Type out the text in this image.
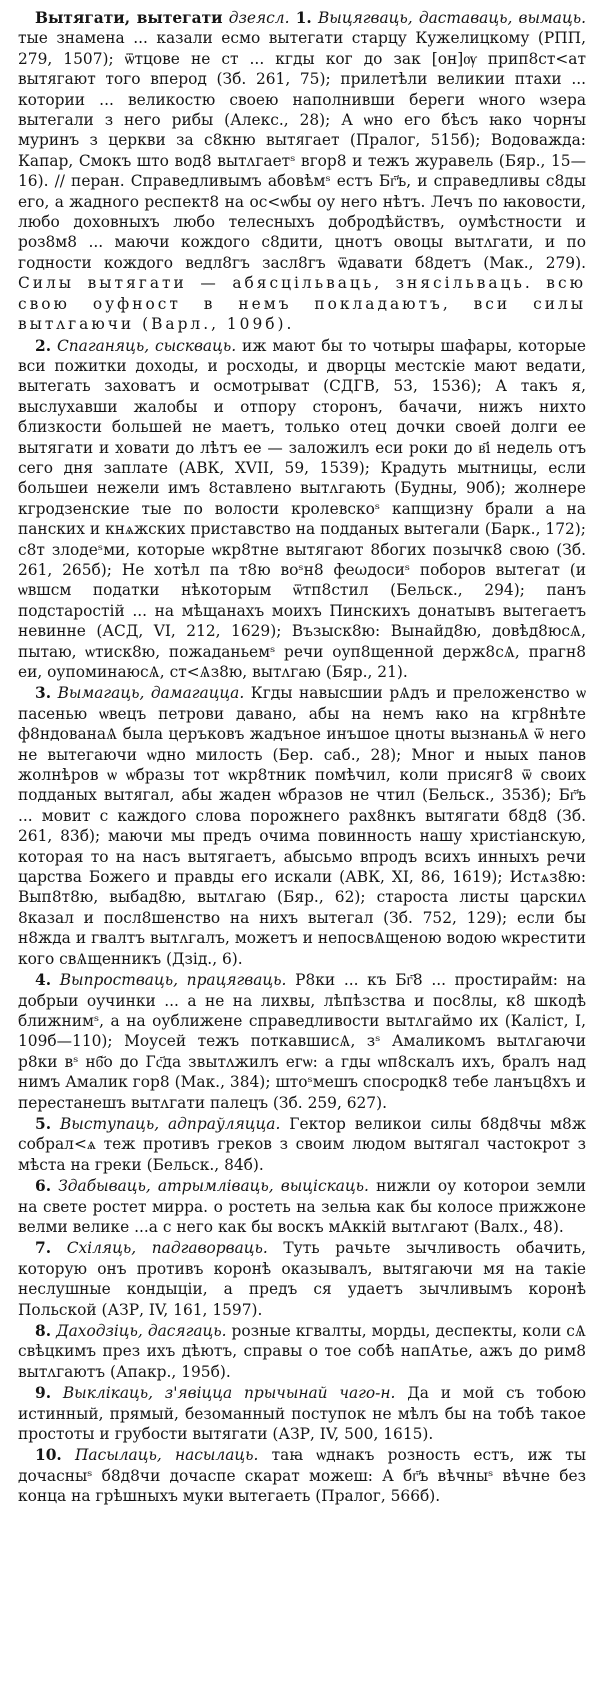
Вытягати, вытегати дзеясл. 1. Выцягваць, даставаць, вымаць. тые знамена ... казали есмо вытегати старцу Кужелицкому (РПП, 279, 1507); ѿтцове не ст ... кгды ког до зак [он]ѹ прип8ст<ат вытᴙгают того вперод (Зб. 261, 75); прилетѣли великии птахи ... котории ... великостю своею наполнивши береги ѡного ѡзера вытегали з него рибы (Алекс., 28); А ѡно его бѣсъ ꙗко чорнꙑ муринъ з церкви за с8кню вытᴙгает (Пралог, 515б); Водоважда: Капар, Смокъ што вод8 вытᴧгаетˢ вгор8 и тежъ журавель (Бяр., 15—16). // перан. Справедливымъ абовѣмˢ естъ Бг҃ъ, и справедливы с8ды его, а жадного респект8 на ос<ѡбы оу него нѣтъ. Лечъ по ꙗковости, любо доховныхъ любо телесныхъ добродѣйствъ, оумѣстности и роз8м8 ... маючи кождого с8дити, цнотъ овоцы вытᴧгати, и по годности кождого ведл8гъ засл8гъ ѿдавати б8детъ (Мак., 279). Силы вытягати — абясцільваць, знясільваць. всю свою оуфност в немъ покладаютъ, вси силы вытᴧгаючи (Варл., 109б).

2. Спаганяць, сыскваць. иж мают бы то чотыры шафары, которые вси пожитки доходы, и росходы, и дворцы местскіе мают ведати, вытегать заховатъ и осмотрыват (СДГВ, 53, 1536); А такъ я, выслухавши жалобы и отпору сторонъ, бачачи, нижъ нихто близкости большей не маетъ, только отец дочки своей долги ее вытягати и ховати до лѣтъ ее — заложилъ еси роки до в҃і недель отъ сего дня заплате (АВК, XVII, 59, 1539); Крадуть мытницы, если большеи нежели имъ 8ставлено вытᴧгають (Будны, 90б); жолнере кгродзенские тые по волости кролевскоˢ капщизну брали а на панских и кнѧжских приставство на подданых вытегали (Барк., 172); с8т злодеˢми, которые ѡкр8тне вытᴙгают 8богих позычк8 свою (Зб. 261, 265б); Не хотѣл па т8ю воˢн8 феωдосиˢ поборов вытегат (и ѡвшсм податки нѣкоторым ѿтп8стил (Бельск., 294); панъ подстаростій ... на мѣщанахъ моихъ Пинскихъ донатывъ вытегаетъ невинне (АСД, VI, 212, 1629); Възыск8ю: Вынайд8ю, довѣд8юсѦ, пытаю, ѡтиск8ю, пожаданьемˢ речи оуп8щенной держ8сѦ, прагн8 еи, оупоминаюсѦ, ст<Ѧз8ю, вытᴧгаю (Бяр., 21).

3. Вымагаць, дамагацца. Кгды навысшии рѦдъ и преложенство ѡ пасенью ѡвецъ петрови давано, абы на немъ ꙗко на кгр8нѣте ф8ндованаѦ была церъковъ жадъное инъшое цноты вызнаньѦ ѿ него не вытегаючи ѡдно милость (Бер. саб., 28); Мног и ныых панов жолнѣров ѡ ѡбразы тот ѡкр8тник помѣчил, коли присᴙг8 ѿ своих подданых вытᴙгал, абы жаден ѡбразов не чтил (Бельск., 353б); Бг҃ъ ... мовит с каждого слова порожнего рах8нкъ вытᴙгати б8д8 (Зб. 261, 83б); маючи мы предъ очима повинность нашу христіанскую, которая то на насъ вытягаетъ, абысьмо впродъ всихъ инныхъ речи царства Божего и правды его искали (АВК, XI, 86, 1619); Истѧз8ю: Вып8т8ю, выбад8ю, вытᴧгаю (Бяр., 62); староста листы царскиᴧ 8казал и посл8шенство на нихъ вытегал (Зб. 752, 129); если бы н8жда и гвалтъ вытᴧгалъ, можетъ и непосвѦщеною водою ѡкрестити кого свѦщенникъ (Дзід., 6).

4. Выпростваць, працягваць. Р8ки ... къ Бг҃8 ... простирайм: на добрыи оучинки ... а не на лихвы, лѣпѣзства и пос8лы, к8 шкодѣ ближнимˢ, а на оуближене справедливости вытᴧгаймо их (Каліст, I, 109б—110); Моусей тежъ поткавшисѦ, зˢ Амаликомъ вытᴧгаючи р8ки вˢ нб҃о до Гс҃да звытᴧжилъ егѡ: а гды ѡп8скалъ ихъ, бралъ над нимъ Амалик гор8 (Мак., 384); штоˢмешъ спосродк8 тебе ланъц8хъ и перестанешъ вытᴧгати палецъ (Зб. 259, 627).

5. Выступаць, адпраўляцца. Гектор великои силы б8д8чы м8ж собрал<ѧ теж противъ греков з своим людом вытᴙгал частокрот з мѣста на греки (Бельск., 84б).

6. Здабываць, атрымліваць, выціскаць. нижли оу которои земли на свете ростет мирра. о ростеть на зельꙗ как бы колосе прижжоне велми велике ...а с него как бы воскъ мАккій вытᴧгают (Валх., 48).

7. Схіляць, падгаворваць. Туть рачьте зычливость обачить, которую онъ противъ коронѣ оказывалъ, вытягаючи мя на такіе неслушные кондыціи, а предъ ся удаетъ зычливымъ коронѣ Польской (АЗР, IV, 161, 1597).

8. Даходзіць, дасягаць. розные кгвалты, мордьı, деспекты, коли сѦ свѣцкимъ през ихъ дѣютъ, справы о тое собѣ напАтье, ажъ до рим8 вытᴧгаютъ (Апакр., 195б).

9. Выклікаць, з'явіцца прычынай чаго-н. Да и мой съ тобою истинный, прямый, безоманный поступок не мѣлъ бы на тобѣ такое простоты и грубости вытягати (АЗР, IV, 500, 1615).

10. Пасылаць, насылаць. таꙗ ѡднакъ розность естъ, иж ты дочасныˢ б8д8чи дочаспе скарат можеш: А бг҃ъ вѣчныˢ вѣчне без конца на грѣшныхъ муки вытегаеть (Пралог, 566б).
